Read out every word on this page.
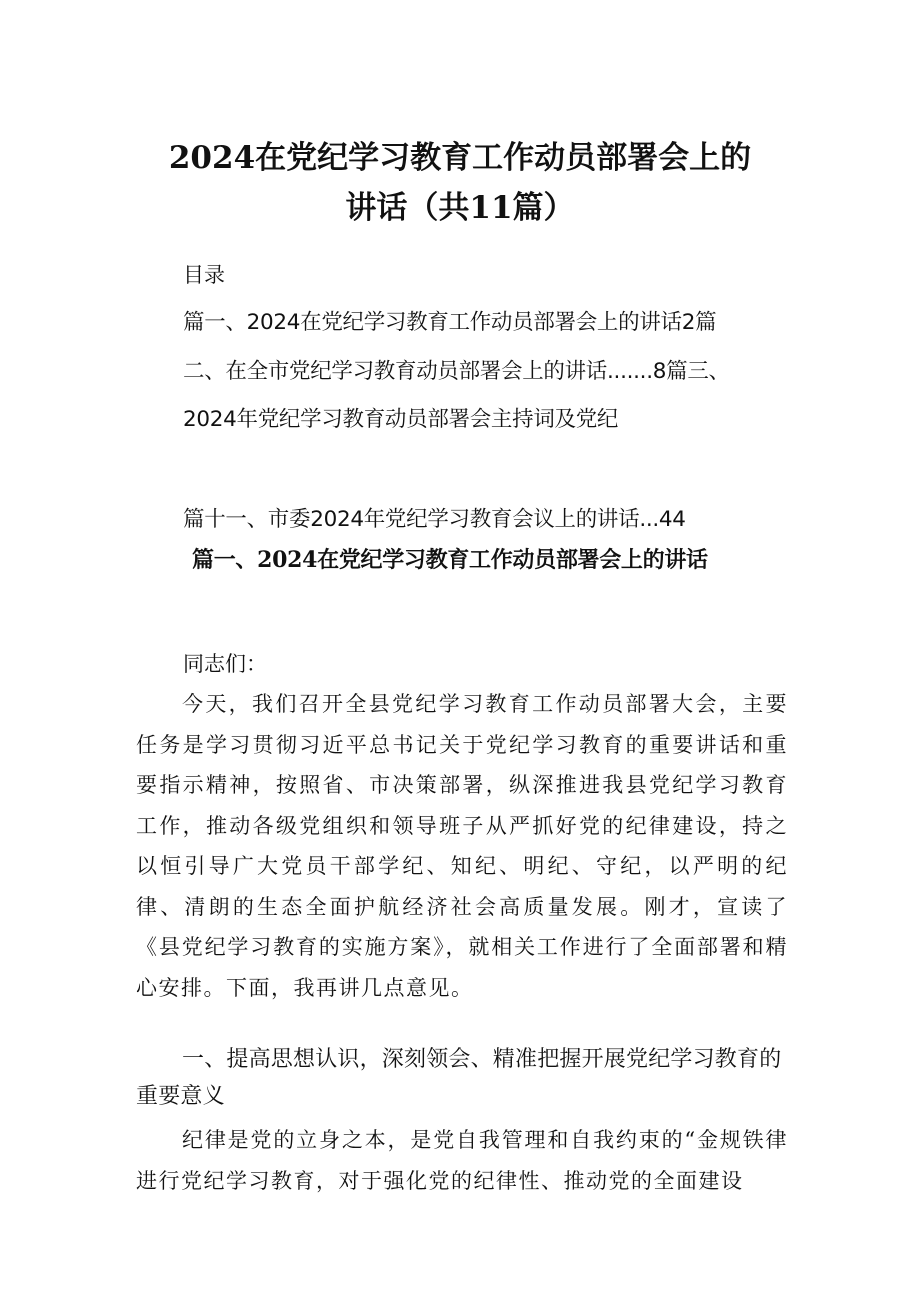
2024在党纪学习教育工作动员部署会上的
讲话（共11篇）
目录
篇一、2024在党纪学习教育工作动员部署会上的讲话2篇
二、在全市党纪学习教育动员部署会上的讲话.......8篇三、
2024年党纪学习教育动员部署会主持词及党纪
篇十一、市委2024年党纪学习教育会议上的讲话...44
篇一、2024在党纪学习教育工作动员部署会上的讲话
同志们：

今天，我们召开全县党纪学习教育工作动员部署大会，主要任务是学习贯彻习近平总书记关于党纪学习教育的重要讲话和重要指示精神，按照省、市决策部署，纵深推进我县党纪学习教育工作，推动各级党组织和领导班子从严抓好党的纪律建设，持之以恒引导广大党员干部学纪、知纪、明纪、守纪，以严明的纪律、清朗的生态全面护航经济社会高质量发展。刚才，宣读了《县党纪学习教育的实施方案》，就相关工作进行了全面部署和精心安排。下面，我再讲几点意见。

一、提高思想认识，深刻领会、精准把握开展党纪学习教育的重要意义

纪律是党的立身之本，是党自我管理和自我约束的“金规铁律进行党纪学习教育，对于强化党的纪律性、推动党的全面建设
